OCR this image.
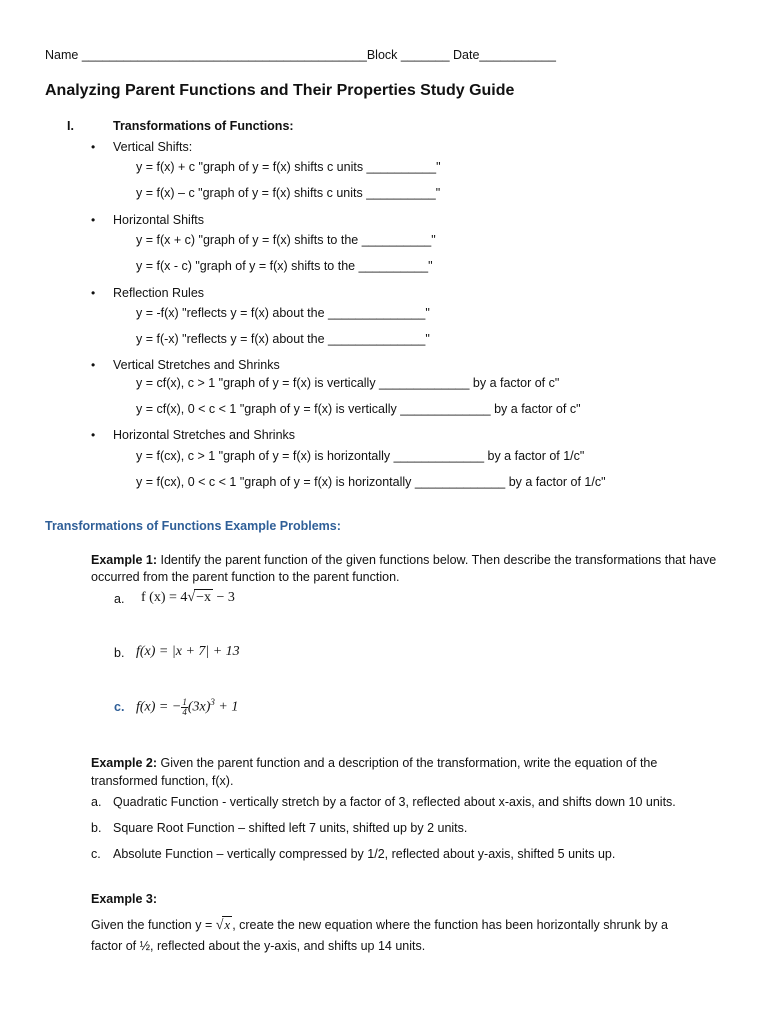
Name _________________________________________Block _______ Date___________
Analyzing Parent Functions and Their Properties Study Guide
I.	Transformations of Functions:
• Vertical Shifts:
y = f(x) + c "graph of y = f(x) shifts c units __________"
y = f(x) – c "graph of y = f(x) shifts c units __________"
• Horizontal Shifts
y = f(x + c) "graph of y = f(x) shifts to the __________"
y = f(x - c) "graph of y = f(x) shifts to the __________"
• Reflection Rules
y = -f(x) "reflects y = f(x) about the ______________"
y = f(-x) "reflects y = f(x) about the ______________"
• Vertical Stretches and Shrinks
y = cf(x), c > 1 "graph of y = f(x) is vertically _____________ by a factor of c"
y = cf(x), 0 < c < 1 "graph of y = f(x) is vertically _____________ by a factor of c"
• Horizontal Stretches and Shrinks
y = f(cx), c > 1 "graph of y = f(x) is horizontally _____________ by a factor of 1/c"
y = f(cx), 0 < c < 1 "graph of y = f(x) is horizontally _____________ by a factor of 1/c"
Transformations of Functions Example Problems:
Example 1: Identify the parent function of the given functions below. Then describe the transformations that have occurred from the parent function to the parent function.
a. f (x) = 4√−x − 3
b. f(x) = |x + 7| + 13
c. f(x) = − $\frac{1}{4} (3x)^3 + 1$
Example 2: Given the parent function and a description of the transformation, write the equation of the transformed function, f(x).
a. Quadratic Function - vertically stretch by a factor of 3, reflected about x-axis, and shifts down 10 units.
b. Square Root Function – shifted left 7 units, shifted up by 2 units.
c. Absolute Function – vertically compressed by 1/2, reflected about y-axis, shifted 5 units up.
Example 3:
Given the function y = √x , create the new equation where the function has been horizontally shrunk by a
factor of ½, reflected about the y-axis, and shifts up 14 units.
